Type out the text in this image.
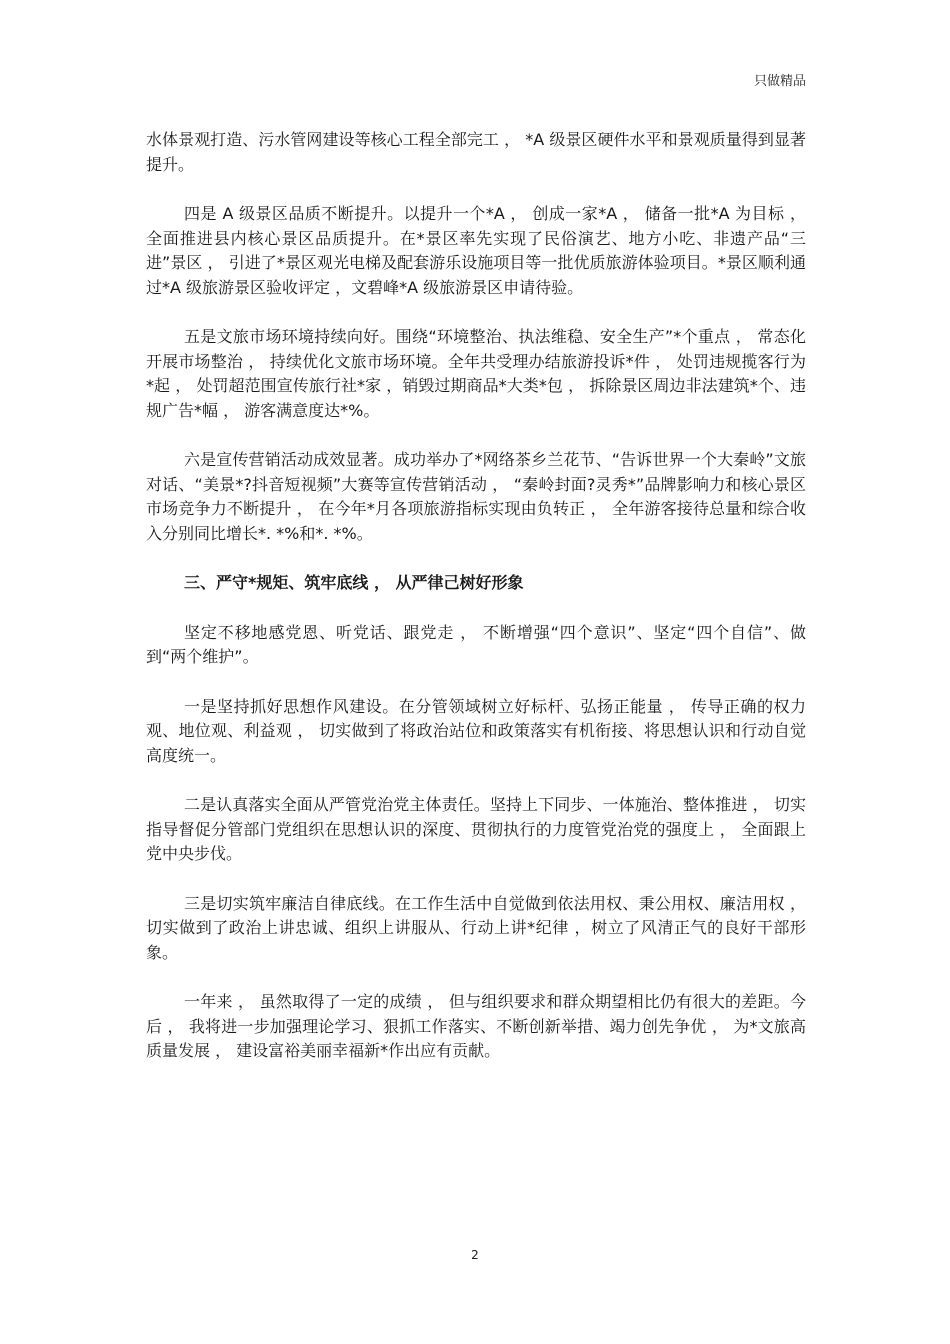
只做精品

水体景观打造、污水管网建设等核心工程全部完工 ， *A 级景区硬件水平和景观质量得到显著提升。

四是 A 级景区品质不断提升。以提升一个*A ， 创成一家*A ， 储备一批*A 为目标 ， 全面推进县内核心景区品质提升。在*景区率先实现了民俗演艺、地方小吃、非遗产品“三进”景区 ， 引进了*景区观光电梯及配套游乐设施项目等一批优质旅游体验项目。*景区顺利通过*A 级旅游景区验收评定 ，文碧峰*A 级旅游景区申请待验。

五是文旅市场环境持续向好。围绕“环境整治、执法维稳、安全生产”*个重点 ， 常态化开展市场整治 ， 持续优化文旅市场环境。全年共受理办结旅游投诉*件 ， 处罚违规揽客行为*起 ， 处罚超范围宣传旅行社*家 ，销毁过期商品*大类*包 ， 拆除景区周边非法建筑*个、违规广告*幅 ， 游客满意度达*%。

六是宣传营销活动成效显著。成功举办了*网络茶乡兰花节、“告诉世界一个大秦岭”文旅对话、“美景*?抖音短视频”大赛等宣传营销活动 ， “秦岭封面?灵秀*”品牌影响力和核心景区市场竞争力不断提升 ， 在今年*月各项旅游指标实现由负转正 ， 全年游客接待总量和综合收入分别同比增长*. *%和*. *%。

三、严守*规矩、筑牢底线 ， 从严律己树好形象

坚定不移地感党恩、听党话、跟党走 ， 不断增强“四个意识”、坚定“四个自信”、做到“两个维护”。

一是坚持抓好思想作风建设。在分管领域树立好标杆、弘扬正能量 ， 传导正确的权力观、地位观、利益观 ， 切实做到了将政治站位和政策落实有机衔接、将思想认识和行动自觉高度统一。

二是认真落实全面从严管党治党主体责任。坚持上下同步、一体施治、整体推进 ， 切实指导督促分管部门党组织在思想认识的深度、贯彻执行的力度管党治党的强度上 ， 全面跟上党中央步伐。

三是切实筑牢廉洁自律底线。在工作生活中自觉做到依法用权、秉公用权、廉洁用权 ， 切实做到了政治上讲忠诚、组织上讲服从、行动上讲*纪律 ，树立了风清正气的良好干部形象。

一年来 ， 虽然取得了一定的成绩 ， 但与组织要求和群众期望相比仍有很大的差距。今后 ， 我将进一步加强理论学习、狠抓工作落实、不断创新举措、竭力创先争优 ， 为*文旅高质量发展 ， 建设富裕美丽幸福新*作出应有贡献。

2
